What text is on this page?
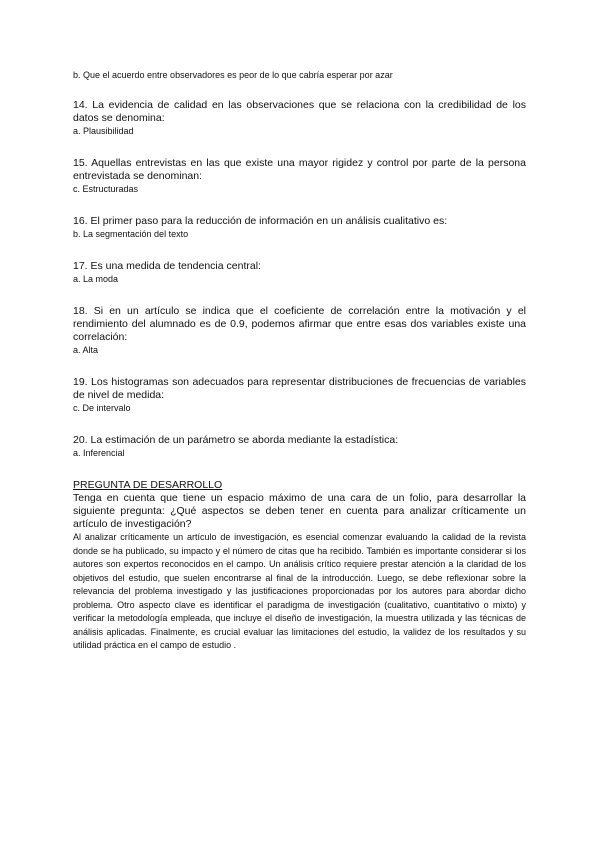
b. Que el acuerdo entre observadores es peor de lo que cabría esperar por azar

14. La evidencia de calidad en las observaciones que se relaciona con la credibilidad de los datos se denomina:

a. Plausibilidad

15. Aquellas entrevistas en las que existe una mayor rigidez y control por parte de la persona entrevistada se denominan:

c. Estructuradas

16. El primer paso para la reducción de información en un análisis cualitativo es:

b. La segmentación del texto

17. Es una medida de tendencia central:

a. La moda

18. Si en un artículo se indica que el coeficiente de correlación entre la motivación y el rendimiento del alumnado es de 0.9, podemos afirmar que entre esas dos variables existe una correlación:

a. Alta

19. Los histogramas son adecuados para representar distribuciones de frecuencias de variables de nivel de medida:

c. De intervalo

20. La estimación de un parámetro se aborda mediante la estadística:

a. Inferencial

PREGUNTA DE DESARROLLO

Tenga en cuenta que tiene un espacio máximo de una cara de un folio, para desarrollar la siguiente pregunta: ¿Qué aspectos se deben tener en cuenta para analizar críticamente un artículo de investigación?

Al analizar críticamente un artículo de investigación, es esencial comenzar evaluando la calidad de la revista donde se ha publicado, su impacto y el número de citas que ha recibido. También es importante considerar si los autores son expertos reconocidos en el campo. Un análisis crítico requiere prestar atención a la claridad de los objetivos del estudio, que suelen encontrarse al final de la introducción. Luego, se debe reflexionar sobre la relevancia del problema investigado y las justificaciones proporcionadas por los autores para abordar dicho problema. Otro aspecto clave es identificar el paradigma de investigación (cualitativo, cuantitativo o mixto) y verificar la metodología empleada, que incluye el diseño de investigación, la muestra utilizada y las técnicas de análisis aplicadas. Finalmente, es crucial evaluar las limitaciones del estudio, la validez de los resultados y su utilidad práctica en el campo de estudio .
